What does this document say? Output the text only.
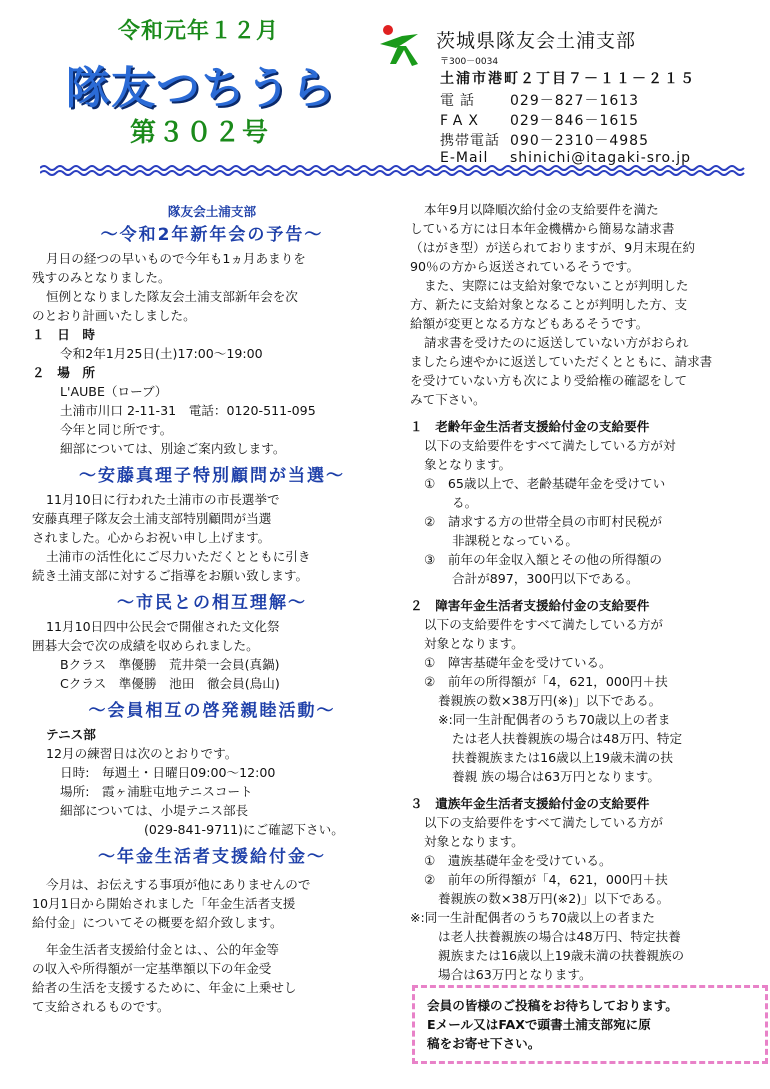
令和元年１２月
隊友つちうら
第３０２号
茨城県隊友会土浦支部
〒300－0034
土浦市港町２丁目７－１１－２１５
電話 029－827－1613
FAX 029－846－1615
携帯電話 090－2310－4985
E-Mail shinichi@itagaki-sro.jp

隊友会土浦支部

～令和2年新年会の予告～

月日の経つの早いもので今年も1ヵ月あまりを

残すのみとなりました。

恒例となりました隊友会土浦支部新年会を次

のとおり計画いたしました。

１　日　時

令和2年1月25日(土)17:00～19:00

２　場　所

L'AUBE（ローブ）

土浦市川口 2-11-31　電話：0120-511-095

今年と同じ所です。

細部については、別途ご案内致します。

～安藤真理子特別顧問が当選～

11月10日に行われた土浦市の市長選挙で

安藤真理子隊友会土浦支部特別顧問が当選

されました。心からお祝い申し上げます。

土浦市の活性化にご尽力いただくとともに引き

続き土浦支部に対するご指導をお願い致します。

～市民との相互理解～

11月10日四中公民会で開催された文化祭

囲碁大会で次の成績を収められました。

Bクラス　準優勝　荒井榮一会員(真鍋)

Cクラス　準優勝　池田　徹会員(鳥山)

～会員相互の啓発親睦活動～

テニス部

12月の練習日は次のとおりです。

日時:　毎週土・日曜日09:00～12:00

場所:　霞ヶ浦駐屯地テニスコート

細部については、小堤テニス部長

(029-841-9711)にご確認下さい。

～年金生活者支援給付金～

今月は、お伝えする事項が他にありませんので

10月1日から開始されました「年金生活者支援

給付金」についてその概要を紹介致します。

年金生活者支援給付金とは、、公的年金等

の収入や所得額が一定基準額以下の年金受

給者の生活を支援するために、年金に上乗せし

て支給されるものです。

本年9月以降順次給付金の支給要件を満た

している方には日本年金機構から簡易な請求書

（はがき型）が送られておりますが、9月末現在約

90％の方から返送されているそうです。

また、実際には支給対象でないことが判明した

方、新たに支給対象となることが判明した方、支

給額が変更となる方などもあるそうです。

請求書を受けたのに返送していない方がおられ

ましたら速やかに返送していただくとともに、請求書

を受けていない方も次により受給権の確認をして

みて下さい。

１　老齢年金生活者支援給付金の支給要件

以下の支給要件をすべて満たしている方が対

象となります。

①　65歳以上で、老齢基礎年金を受けてい

る。

②　請求する方の世帯全員の市町村民税が

非課税となっている。

③　前年の年金収入額とその他の所得額の

合計が897，300円以下である。

２　障害年金生活者支援給付金の支給要件

以下の支給要件をすべて満たしている方が

対象となります。

①　障害基礎年金を受けている。

②　前年の所得額が「4，621，000円＋扶

養親族の数×38万円(※)」以下である。

※:同一生計配偶者のうち70歳以上の者ま

たは老人扶養親族の場合は48万円、特定

扶養親族または16歳以上19歳未満の扶

養親 族の場合は63万円となります。

３　遺族年金生活者支援給付金の支給要件

以下の支給要件をすべて満たしている方が

対象となります。

①　遺族基礎年金を受けている。

②　前年の所得額が「4，621，000円＋扶

養親族の数×38万円(※2)」以下である。

※:同一生計配偶者のうち70歳以上の者また

は老人扶養親族の場合は48万円、特定扶養

親族または16歳以上19歳未満の扶養親族の

場合は63万円となります。

会員の皆様のご投稿をお待ちしております。

Eメール又はFAXで頭書土浦支部宛に原

稿をお寄せ下さい。
